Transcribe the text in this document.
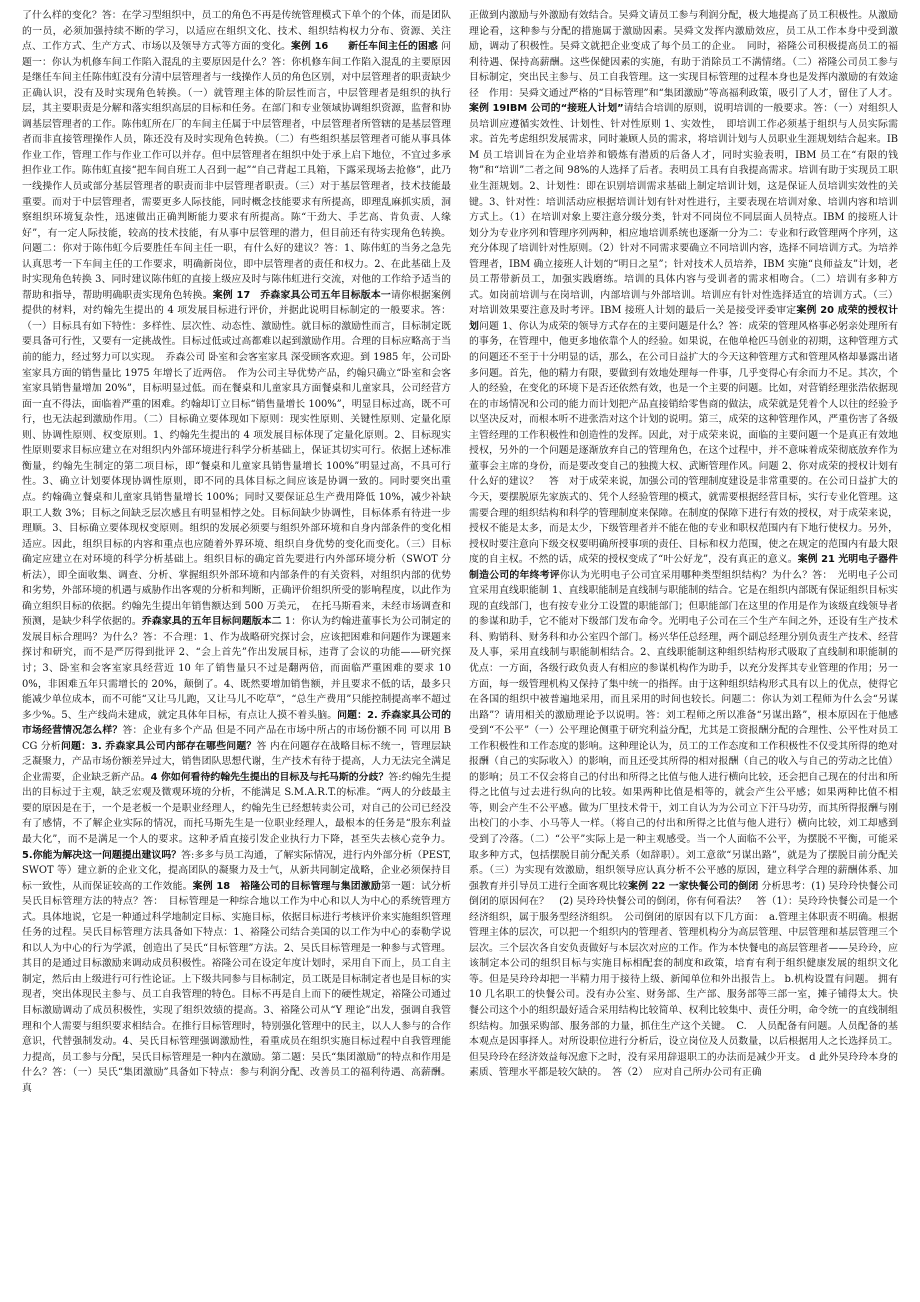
了什么样的变化？答：在学习型组织中，员工的角色不再是传统管理模式下单个的个体，而是团队的一员，必须加强持续不断的学习，以适应在组织文化、技术、组织结构权力分布、资源、关注点、工作方式、生产方式、市场以及领导方式等方面的变化。案例 16　　新任车间主任的困惑 问题一：你认为机修车间工作陷入混乱的主要原因是什么？答：你机修车间工作陷入混乱的主要原因是继任车间主任陈伟虹没有分清中层管理者与一线操作人员的角色区别，对中层管理者的职责缺少正确认识，没有及时实现角色转换。（一）就管理主体的阶层性而言，中层管理者是组织的执行层，其主要职责是分解和落实组织高层的目标和任务。在部门和专业领域协调组织资源，监督和协调基层管理者的工作。陈伟虹所在厂的车间主任属于中层管理者，中层管理者所管辖的是基层管理者而非直接管理操作人员，陈还没有及时实现角色转换。（二）有些组织基层管理者可能从事具体作业工作，管理工作与作业工作可以并存。但中层管理者在组织中处于承上启下地位，不宜过多承担作业工作。陈伟虹直接“把车间自班工人召到一起”“自己背起工具箱，下露采现场去抢修”，此乃一线操作人员或部分基层管理者的职责而非中层管理者职责。（三）对于基层管理者，技术技能最重要。而对于中层管理者，需要更多人际技能，同时概念技能要求有所提高，即理乱麻抓实质，洞察组织环境复杂性，迅速做出正确判断能力要求有所提高。陈“干劲大、手艺高、肯负责、人缘好”，有一定人际技能，较高的技术技能，有从事中层管理的潜力，但目前还有待实现角色转换。问题二：你对于陈伟虹今后要胜任车间主任一职，有什么好的建议？答：1、陈伟虹的当务之急先认真思考一下车间主任的工作要求，明确新岗位，即中层管理者的责任和权力。2、在此基础上及时实现角色转换 3、同时建议陈伟虹的直接上级应及时与陈伟虹进行交流，对他的工作给予适当的帮助和指导，帮助明确职责实现角色转换。案例 17　乔森家具公司五年目标版本一请你根据案例提供的材料，对约翰先生提出的 4 项发展目标进行评价，并据此说明目标制定的一般要求。答：（一）目标具有如下特性：多样性、层次性、动态性、激励性。就目标的激励性而言，目标制定既要具备可行性，又要有一定挑战性。目标过低或过高都难以起到激励作用。合理的目标应略高于当前的能力，经过努力可以实现。　乔森公司 卧室和会客室家具 深受顾客欢迎。到 1985 年，公司卧室家具方面的销售量比 1975 年增长了近两倍。　作为公司主导优势产品，约翰只确立“卧室和会客室家具销售量增加 20%”，目标明显过低。而在餐桌和儿童家具方面餐桌和儿童家具，公司经营方面一直不得法，面临着严重的困难。约翰却订立目标“销售量增长 100%”，明显目标过高，既不可行，也无法起到激励作用。（二）目标确立要体现如下原则：现实性原则、关键性原则、定量化原则、协调性原则、权变原则。1、约翰先生提出的 4 项发展目标体现了定量化原则。2、目标现实性原则要求目标应建立在对组织内外部环境进行科学分析基础上，保证其切实可行。依据上述标准衡量，约翰先生制定的第二项目标，即“餐桌和儿童家具销售量增长 100%”明显过高，不具可行性。3、确立计划要体现协调性原则，即不同的具体目标之间应该是协调一致的。同时要突出重点。约翰确立餐桌和儿童家具销售量增长 100%；同时又要保证总生产费用降低 10%，减少补缺职工人数 3%；目标之间缺乏层次感且有明显相悖之处。目标间缺少协调性，目标体系有待进一步理顺。3、目标确立要体现权变原则。组织的发展必须要与组织外部环境和自身内部条件的变化相适应。因此，组织目标的内容和重点也应随着外界环境、组织自身优势的变化而变化。（三）目标确定应建立在对环境的科学分析基础上。组织目标的确定首先要进行内外部环境分析（SWOT 分析法），即全面收集、调查、分析、掌握组织外部环境和内部条件的有关资料，对组织内部的优势和劣势，外部环境的机遇与威胁作出客观的分析和判断，正确评价组织所受的影响程度，以此作为确立组织目标的依据。约翰先生提出年销售额达到 500 万美元，　在托马斯看来，未经市场调查和预测，是缺少科学依据的。乔森家具的五年目标问题版本二 1：你认为约翰进董事长为公司制定的发展目标合理吗？为什么？答：不合理：1、作为战略研究探讨会，应该把困难和问题作为课题来探讨和研究，而不是严厉得到批评 2、“会上首先”作出发展目标，违背了会议的功能——研究探讨；3、卧室和会客室家具经营近 10 年了销售量只不过是翻两倍，而面临严重困难的要求 100%，非困难五年只需增长的 20%，颠倒了。4、既然要增加销售额，并且要求不低的话，最多只能减少单位成本，而不可能“又让马儿跑，又让马儿不吃草”，“总生产费用”只能控制提高率不超过多少%。5、生产线尚未建成，就定具体年目标，有点让人摸不着头脑。问题：2. 乔森家具公司的市场经营情况怎么样？答：企业有多个产品 但是不同产品在市场中所占的市场份额不同 可以用 BCG 分析问题：3. 乔森家具公司内部存在哪些问题？答 内在问题存在战略目标不统一，管理层缺乏凝聚力，产品市场份额差异过大，销售团队思想代谢，生产技术有待于提高，人力无法完全满足企业需要，企业缺乏新产品。4 你如何看待约翰先生提出的目标及与托马斯的分歧？答:约翰先生提出的目标过于主观，缺乏宏观及微观环境的分析，不能满足 S.M.A.R.T.的标准。“两人的分歧最主要的原因是在于，一个是老板一个是职业经理人，约翰先生已经想转卖公司，对自己的公司已经没有了感情，不了解企业实际的情况，而托马斯先生是一位职业经理人，最根本的任务是“股东利益最大化”，而不是满足一个人的要求。这种矛盾直接引发企业执行力下降，甚至失去核心竞争力。5.你能为解决这一问题提出建议吗？答:多多与员工沟通，了解实际情况，进行内外部分析（PEST,SWOT 等）建立新的企业文化，提高团队的凝聚力及士气，从新共同制定战略，企业必须保持目标一致性，从而保证较高的工作效能。案例 18　裕隆公司的目标管理与集团激励第一题：试分析吴氏目标管理方法的特点？答：　目标管理是一种综合地以工作为中心和以人为中心的系统管理方式。具体地说，它是一种通过科学地制定目标、实施目标，依据目标进行考核评价来实施组织管理任务的过程。吴氏目标管理方法具备如下特点：1、裕隆公司结合美国的以工作为中心的泰勒学说和以人为中心的行为学派，创造出了吴氏“目标管理”方法。2、吴氏目标管理是一种参与式管理。其目的是通过目标激励来调动成员积极性。裕隆公司在设定年度计划时，采用自下而上，员工自主制定，然后由上级进行可行性论证。上下级共同参与目标制定，员工既是目标制定者也是目标的实现者，突出体现民主参与、员工自我管理的特色。目标不再是自上而下的硬性规定，裕隆公司通过目标激励调动了成员积极性，实现了组织效绩的提高。3、裕隆公司从“Y 理论”出发，强调自我管理和个人需要与组织要求相结合。在推行目标管理时，特别强化管理中的民主，以人人参与的合作意识，代替强制发动。4、吴氏目标管理强调激励性，看重成员在组织实施目标过程中自我管理能力提高，员工参与分配，吴氏目标管理是一种内在激励。第二题：吴氏“集团激励”的特点和作用是什么？答：（一）吴氏“集团激励”具备如下特点：参与利润分配、改善员工的福利待遇、高薪酬。真

正做到内激励与外激励有效结合。吴舜文请员工参与利润分配，极大地提高了员工积极性。从激励理论看，这种参与分配的措施属于激励因素。吴舜文发挥内激励效应，员工从工作本身中受到激励，调动了积极性。吴舜文就把企业变成了每个员工的企业。　同时，裕隆公司积极提高员工的福利待遇、保持高薪酬。这些保健因素的实施，有助于消除员工不满情绪。（二）裕隆公司员工参与目标制定，突出民主参与、员工自我管理。这一实现目标管理的过程本身也是发挥内激励的有效途径　作用：吴舜文通过严格的“目标管理”和“集团激励”等高福利政策，吸引了人才，留住了人才。案例 19IBM 公司的“接班人计划”请结合培训的原则，说明培训的一般要求。答：（一）对组织人员培训应遵循实效性、计划性、针对性原则 1、实效性，　即培训工作必须基于组织与人员实际需求。首先考虑组织发展需求，同时兼顾人员的需求，将培训计划与人员职业生涯规划结合起来。IBM 员工培训旨在为企业培养和锻炼有潜质的后备人才，同时实验表明，IBM 员工在“有限的钱物”和“培训”二者之间 98%的人选择了后者。表明员工具有自我提高需求。培训有助于实现员工职业生涯规划。2、计划性：即在识别培训需求基础上制定培训计划，这是保证人员培训实效性的关键。3、针对性：培训活动应根据培训计划有针对性进行，主要表现在培训对象、培训内容和培训方式上。（1）在培训对象上要注意分级分类，针对不同岗位不同层面人员特点。IBM 的接班人计划分为专业序列和管理序列两种，相应地培训系统也逐渐一分为二：专业和行政管理两个序列，这充分体现了培训针对性原则。（2）针对不同需求要确立不同培训内容，选择不同培训方式。为培养管理者，IBM 确立接班人计划的“明日之星”；针对技术人员培养，IBM 实施“良师益友”计划，老员工帮带新员工，加强实践磨练。培训的具体内容与受训者的需求相吻合。（二）培训有多种方式。如岗前培训与在岗培训，内部培训与外部培训。培训应有针对性选择适宜的培训方式。（三）对培训效果要注意及时考评。IBM 接班人计划的最后一关是接受评委审定案例 20 成荣的授权计划问题 1、你认为成荣的领导方式存在的主要问题是什么？答：成荣的管理风格事必躬亲处理所有的事务，在管理中，他更多地依靠个人的经验。如果说，在他单枪匹马创业的初期，这种管理方式的问题还不至于十分明显的话，那么，在公司日益扩大的今天这种管理方式和管理风格却暴露出诸多问题。首先，他的精力有限，要做到有效地处理每一件事，几乎变得心有余而力不足。其次，个人的经验，在变化的环境下是否还依然有效，也是一个主要的问题。比如，对营销经理张浩依据现在的市场情况和公司的能力而计划把产品直接销给零售商的做法，成荣就是凭着个人以往的经验予以坚决反对，而根本听不进张浩对这个计划的说明。第三，成荣的这种管理作风，严重伤害了各级主管经理的工作积极性和创造性的发挥。因此，对于成荣来说，面临的主要问题一个是真正有效地授权，另外的一个问题是逐渐放弃自己的管理角色，在这个过程中，并不意味着成荣彻底放弃作为董事会主席的身份，而是要改变自己的独揽大权、武断管理作风。问题 2、你对成荣的授权计划有什么好的建议？　答　对于成荣来说，加强公司的管理制度建设是非常重要的。在公司日益扩大的今天，要摆脱原先家族式的、凭个人经验管理的模式，就需要根据经营目标，实行专业化管理。这需要合理的组织结构和科学的管理制度来保障。在制度的保障下进行有效的授权，对于成荣来说，授权不能是太多，而是太少，下级管理者并不能在他的专业和职权范围内有下地行使权力。另外，授权时要注意向下级交权要明确所授事项的责任、目标和权力范围，使之在规定的范围内有最大限度的自主权。不然的话，成荣的授权变成了“叶公好龙”，没有真正的意义。案例 21 光明电子器件制造公司的年终考评你认为光明电子公司宜采用哪种类型组织结构？为什么？答：　光明电子公司宜采用直线职能制 1、直线职能制是直线制与职能制的结合。它是在组织内部既有保证组织目标实现的直线部门，也有按专业分工设置的职能部门；但职能部门在这里的作用是作为该级直线领导者的参谋和助手，它不能对下级部门发布命令。光明电子公司在三个生产车间之外，还设有生产技术科、购销科、财务科和办公室四个部门。杨兴华任总经理，两个副总经理分别负责生产技术、经营及人事，采用直线制与职能制相结合。2、直线职能制这种组织结构形式吸取了直线制和职能制的优点：一方面，各级行政负责人有相应的参谋机构作为助手，以充分发挥其专业管理的作用；另一方面，每一级管理机构又保持了集中统一的指挥。由于这种组织结构形式具有以上的优点，使得它在各国的组织中被普遍地采用，而且采用的时间也较长。问题二：你认为刘工程师为什么会“另谋出路”？请用相关的激励理论予以说明。答：刘工程师之所以准备“另谋出路”，根本原因在于他感受到“不公平”（一）公平理论侧重于研究利益分配，尤其是工资报酬分配的合理性、公平性对员工工作积极性和工作态度的影响。这种理论认为，员工的工作态度和工作积极性不仅受其所得的绝对报酬（自己的实际收入）的影响，而且还受其所得的相对报酬（自己的收入与自己的劳动之比值）的影响；员工不仅会将自己的付出和所得之比值与他人进行横向比较，还会把自己现在的付出和所得之比值与过去进行纵向的比较。如果两种比值是相等的，就会产生公平感；如果两种比值不相等，则会产生不公平感。做为厂里技术骨干，刘工自认为为公司立下汗马功劳，而其所得报酬与刚出校门的小李、小马等人一样。（将自己的付出和所得之比值与他人进行）横向比较，刘工却感到受到了冷落。（二）“公平”实际上是一种主观感受。当一个人面临不公平，为摆脱不平衡，可能采取多种方式，包括摆脱目前分配关系（如辞职）。刘工意欲“另谋出路”，就是为了摆脱目前分配关系。（三）为实现有效激励，组织领导应认真分析不公平感的原因，建立科学合理的薪酬体系、加强教育并引导员工进行全面客观比较案例 22 一家快餐公司的倒闭 分析思考：(1) 吴玲玲快餐公司倒闭的原因何在？　(2) 吴玲玲快餐公司的倒闭，你有何看法？　答（1）：吴玲玲快餐公司是一个经济组织，属于服务型经济组织。　公司倒闭的原因有以下几方面：　a.管理主体职责不明确。根据管理主体的层次，可以把一个组织内的管理者、管理机构分为高层管理、中层管理和基层管理三个层次。三个层次各自安负责做好与本层次对应的工作。作为本快餐电的高层管理者——吴玲玲，应该制定本公司的组织目标与实施目标相配套的制度和政策，培育有利于组织健康发展的组织文化等。但是吴玲玲却把一半精力用于接待上级、新闻单位和外出报告上。 b.机构设置有问题。 拥有 10 几名职工的快餐公司。没有办公室、财务部、生产部、服务部等三部一室，摊子铺得太大。快餐公司这个小的组织最好适合采用结构比较简单、权利比较集中、责任分明，命令统一的直线制组织结构。加强采购部、服务部的力量，抓住生产这个关键。　C.　人员配备有问题。人员配备的基本观点是因事择人。对所设职位进行分析后，设立岗位及人员数量，以后根据用人之长选择员工。但吴玲玲在经济效益每况愈下之时，没有采用辞退职工的办法而是减少开支。 d 此外吴玲玲本身的素质、管理水平都是较欠缺的。　答（2）　应对自己所办公司有正确
